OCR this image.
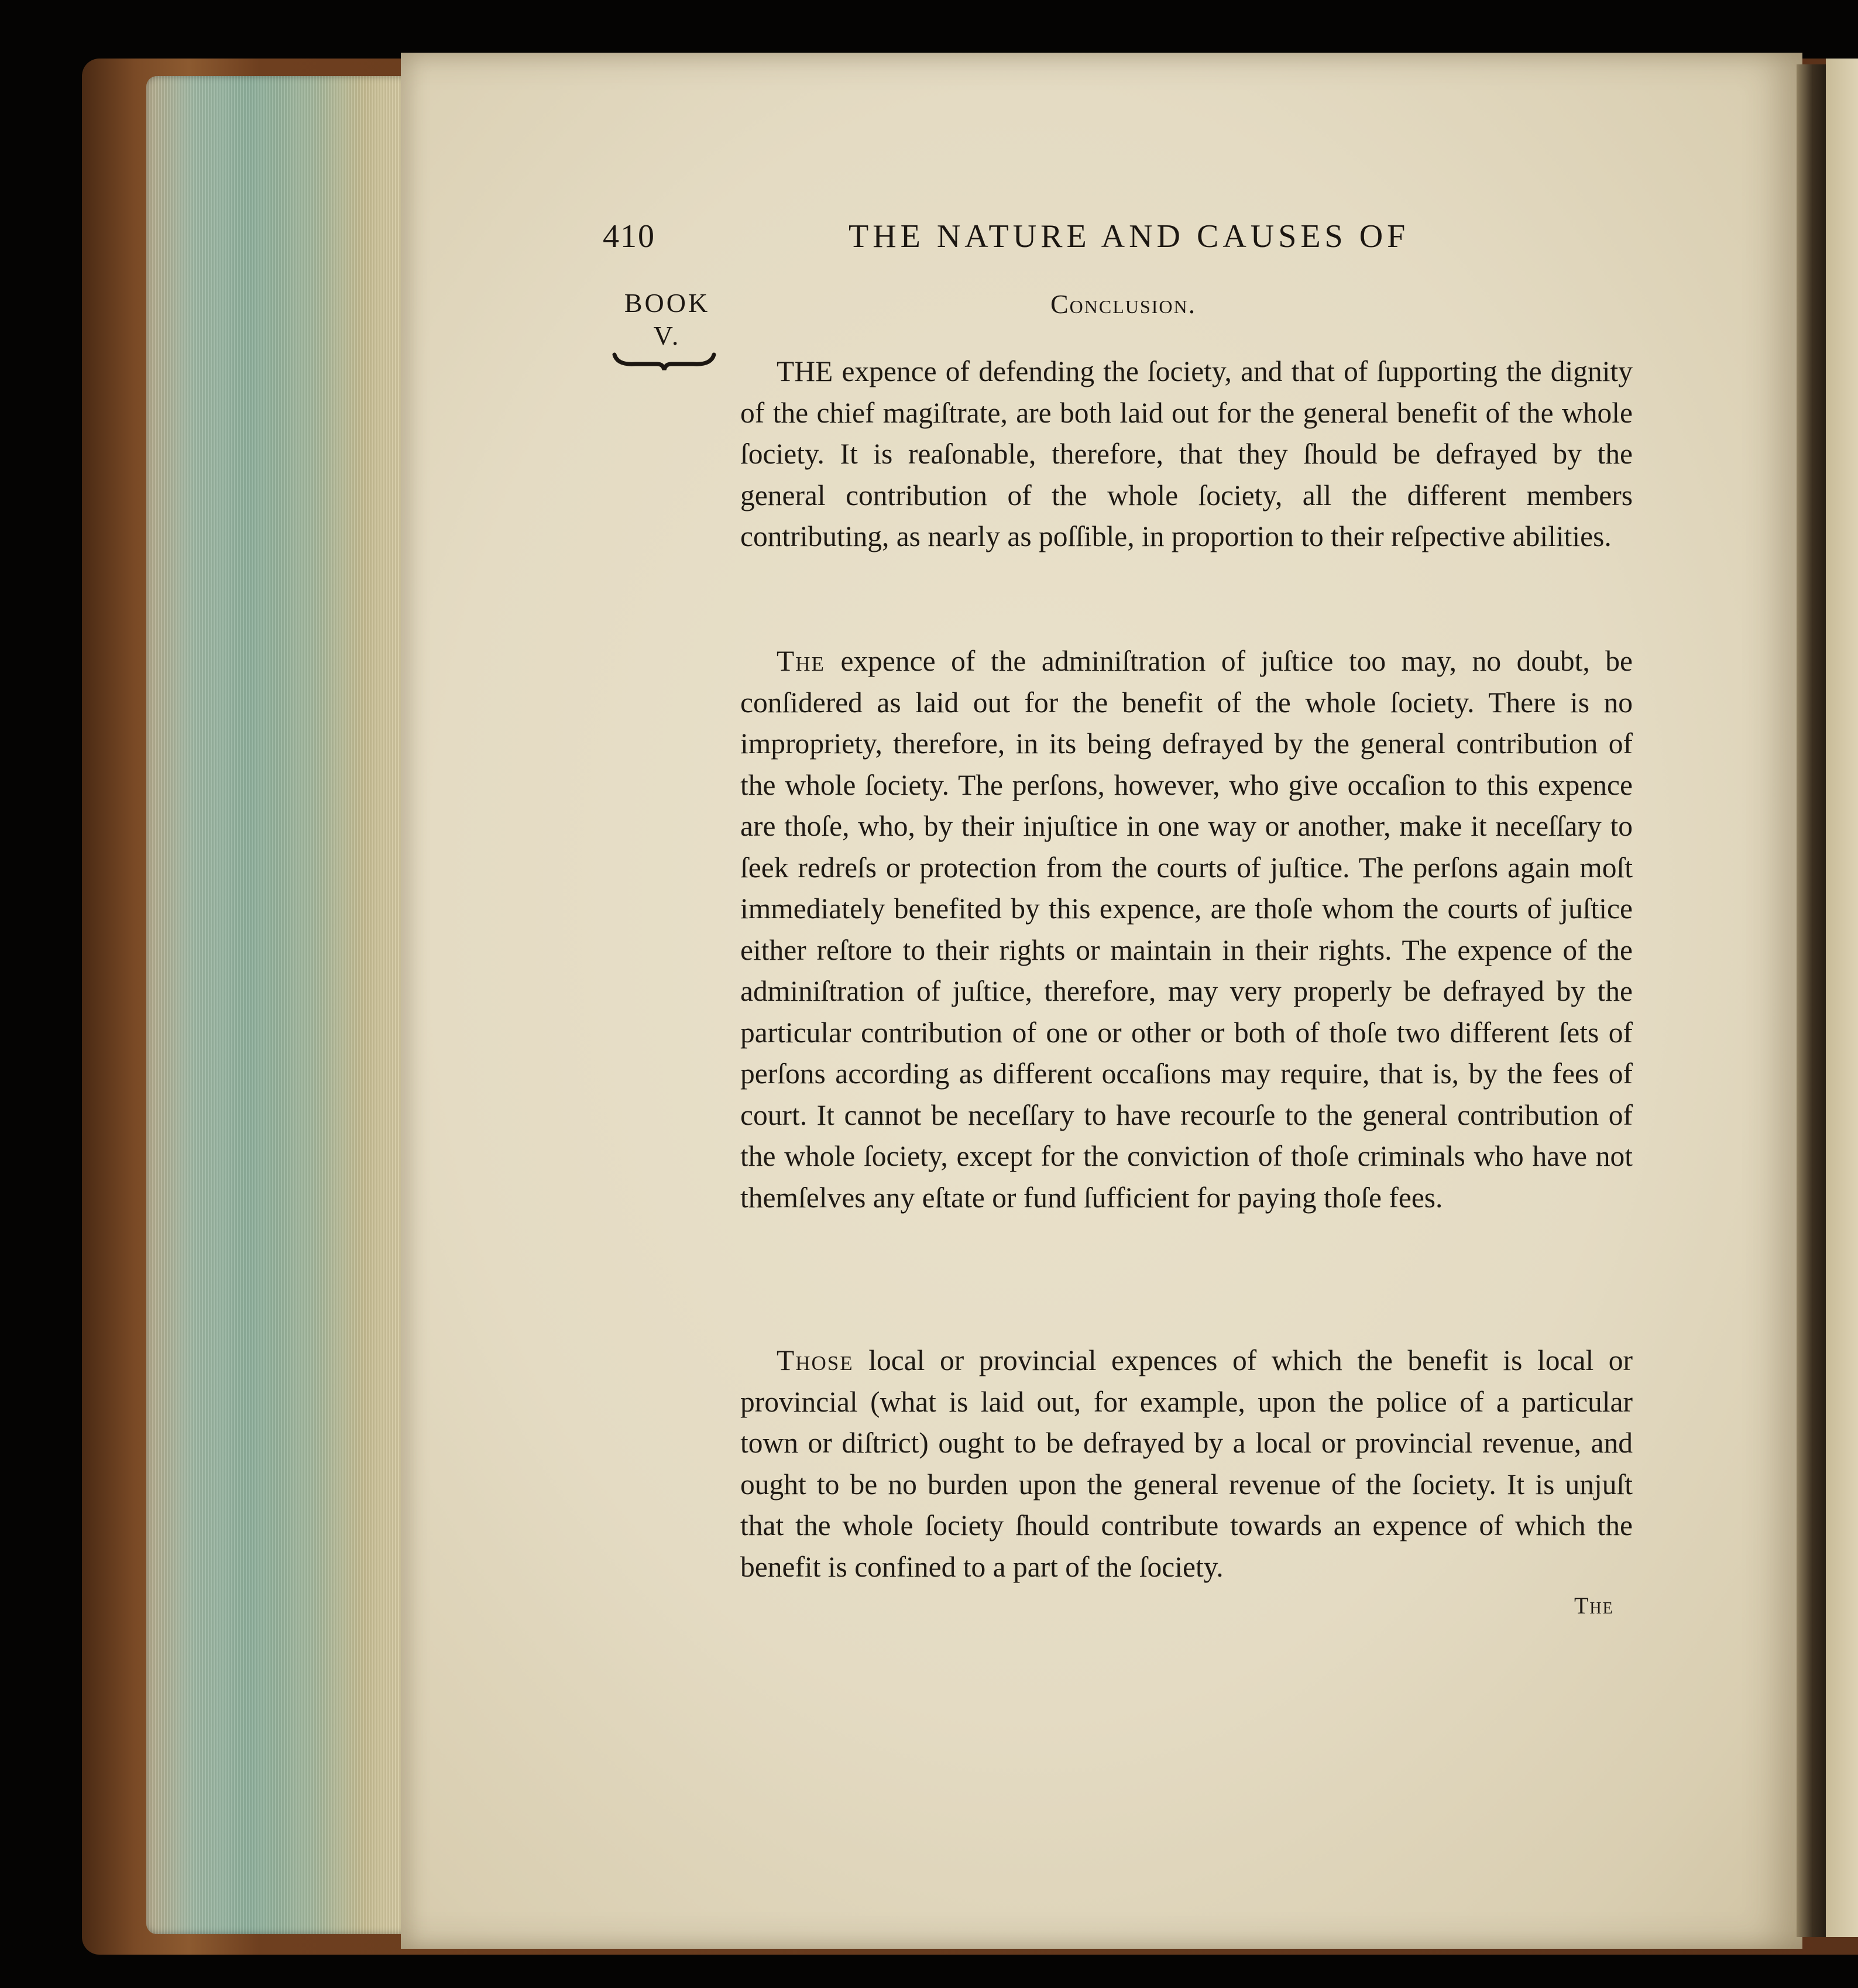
410	THE NATURE AND CAUSES OF
BOOK
V.
Conclusion.

THE expence of defending the ſociety, and that of ſupporting the dignity of the chief magiſtrate, are both laid out for the general benefit of the whole ſociety. It is reaſonable, therefore, that they ſhould be defrayed by the general contribution of the whole ſociety, all the different members contributing, as nearly as poſſible, in proportion to their reſpective abilities.

The expence of the adminiſtration of juſtice too may, no doubt, be conſidered as laid out for the benefit of the whole ſociety. There is no impropriety, therefore, in its being defrayed by the general contribution of the whole ſociety. The perſons, however, who give occaſion to this expence are thoſe, who, by their injuſtice in one way or another, make it neceſſary to ſeek redreſs or protection from the courts of juſtice. The perſons again moſt immediately benefited by this expence, are thoſe whom the courts of juſtice either reſtore to their rights or maintain in their rights. The expence of the adminiſtration of juſtice, therefore, may very properly be defrayed by the particular contribution of one or other or both of thoſe two different ſets of perſons according as different occaſions may require, that is, by the fees of court. It cannot be neceſſary to have recourſe to the general contribution of the whole ſociety, except for the conviction of thoſe criminals who have not themſelves any eſtate or fund ſufficient for paying thoſe fees.

Those local or provincial expences of which the benefit is local or provincial (what is laid out, for example, upon the police of a particular town or diſtrict) ought to be defrayed by a local or provincial revenue, and ought to be no burden upon the general revenue of the ſociety. It is unjuſt that the whole ſociety ſhould contribute towards an expence of which the benefit is confined to a part of the ſociety.

The
